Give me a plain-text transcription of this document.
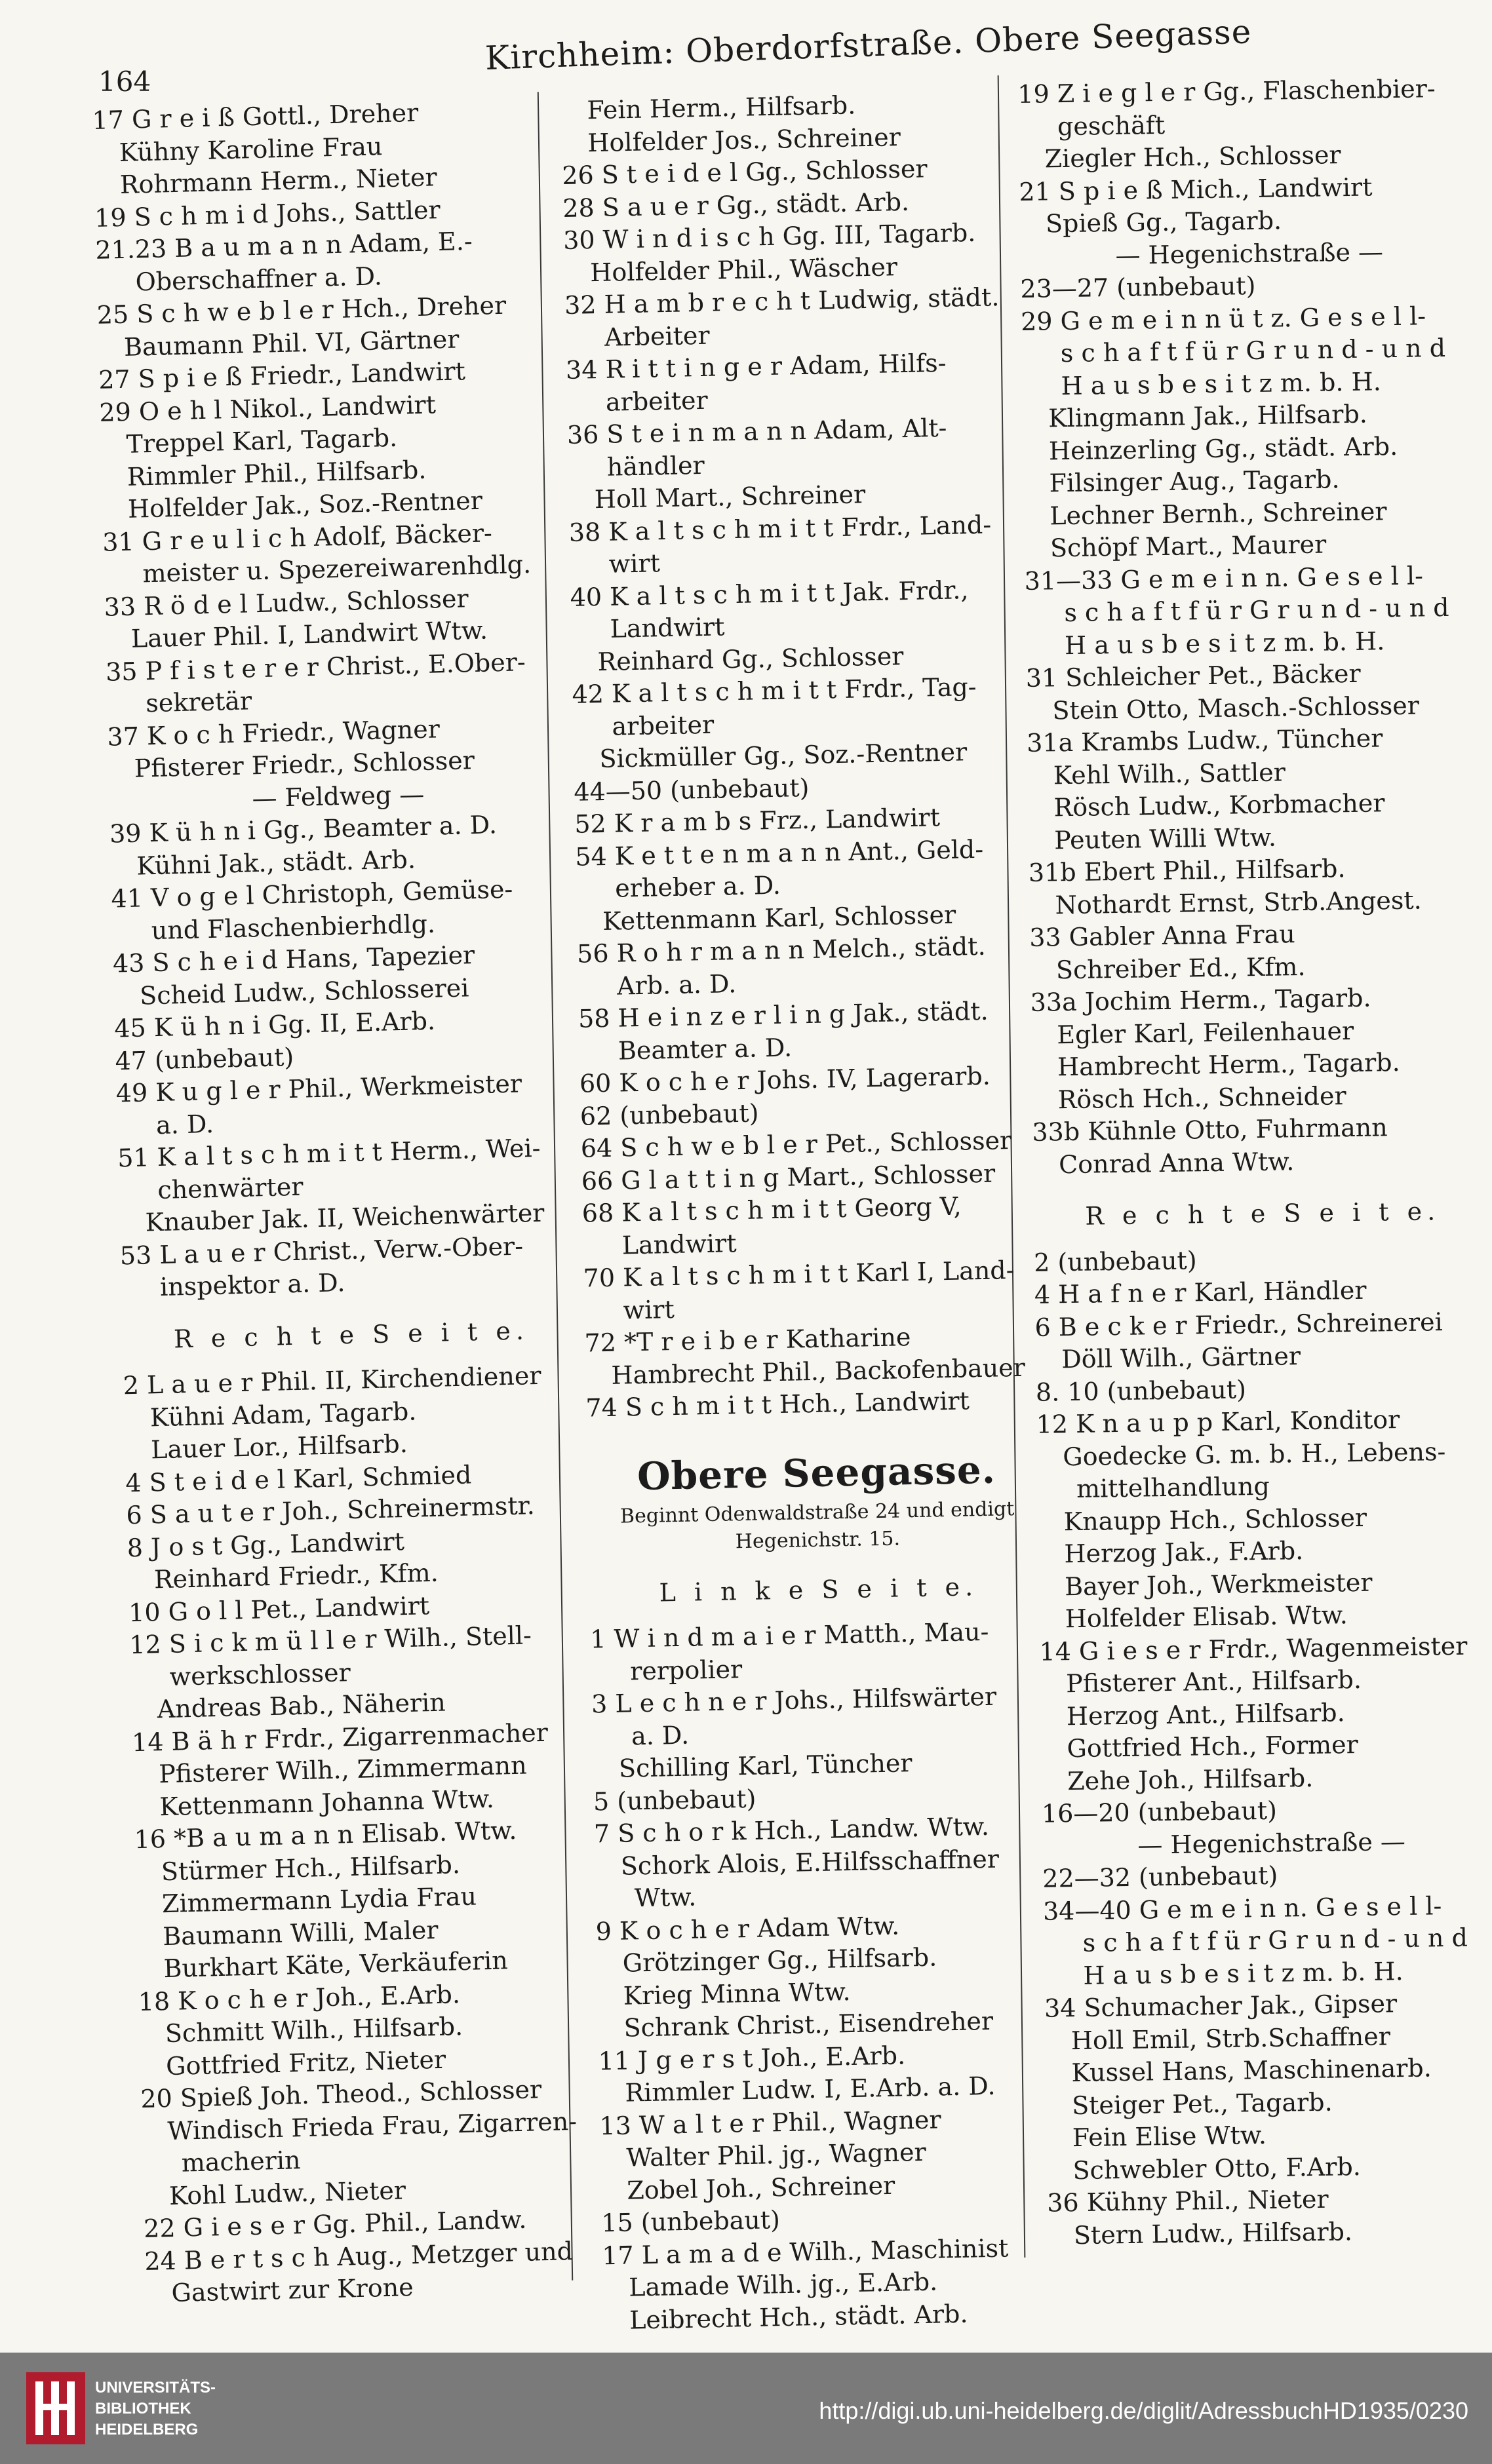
164
Kirchheim: Oberdorfstraße. Obere Seegasse
17 G r e i ß Gottl., Dreher
Kühny Karoline Frau
Rohrmann Herm., Nieter
19 S c h m i d Johs., Sattler
21.23 B a u m a n n Adam, E.-
Oberschaffner a. D.
25 S c h w e b l e r Hch., Dreher
Baumann Phil. VI, Gärtner
27 S p i e ß Friedr., Landwirt
29 O e h l Nikol., Landwirt
Treppel Karl, Tagarb.
Rimmler Phil., Hilfsarb.
Holfelder Jak., Soz.-Rentner
31 G r e u l i c h Adolf, Bäcker-
meister u. Spezereiwarenhdlg.
33 R ö d e l Ludw., Schlosser
Lauer Phil. I, Landwirt Wtw.
35 P f i s t e r e r Christ., E.Ober-
sekretär
37 K o c h Friedr., Wagner
Pfisterer Friedr., Schlosser
— Feldweg —
39 K ü h n i Gg., Beamter a. D.
Kühni Jak., städt. Arb.
41 V o g e l Christoph, Gemüse-
und Flaschenbierhdlg.
43 S c h e i d Hans, Tapezier
Scheid Ludw., Schlosserei
45 K ü h n i Gg. II, E.Arb.
47 (unbebaut)
49 K u g l e r Phil., Werkmeister
a. D.
51 K a l t s c h m i t t Herm., Wei-
chenwärter
Knauber Jak. II, Weichenwärter
53 L a u e r Christ., Verw.-Ober-
inspektor a. D.
R e c h t e S e i t e.
2 L a u e r Phil. II, Kirchendiener
Kühni Adam, Tagarb.
Lauer Lor., Hilfsarb.
4 S t e i d e l Karl, Schmied
6 S a u t e r Joh., Schreinermstr.
8 J o s t Gg., Landwirt
Reinhard Friedr., Kfm.
10 G o l l Pet., Landwirt
12 S i c k m ü l l e r Wilh., Stell-
werkschlosser
Andreas Bab., Näherin
14 B ä h r Frdr., Zigarrenmacher
Pfisterer Wilh., Zimmermann
Kettenmann Johanna Wtw.
16 *B a u m a n n Elisab. Wtw.
Stürmer Hch., Hilfsarb.
Zimmermann Lydia Frau
Baumann Willi, Maler
Burkhart Käte, Verkäuferin
18 K o c h e r Joh., E.Arb.
Schmitt Wilh., Hilfsarb.
Gottfried Fritz, Nieter
20 Spieß Joh. Theod., Schlosser
Windisch Frieda Frau, Zigarren-
macherin
Kohl Ludw., Nieter
22 G i e s e r Gg. Phil., Landw.
24 B e r t s c h Aug., Metzger und
Gastwirt zur Krone
Fein Herm., Hilfsarb.
Holfelder Jos., Schreiner
26 S t e i d e l Gg., Schlosser
28 S a u e r Gg., städt. Arb.
30 W i n d i s c h Gg. III, Tagarb.
Holfelder Phil., Wäscher
32 H a m b r e c h t Ludwig, städt.
Arbeiter
34 R i t t i n g e r Adam, Hilfs-
arbeiter
36 S t e i n m a n n Adam, Alt-
händler
Holl Mart., Schreiner
38 K a l t s c h m i t t Frdr., Land-
wirt
40 K a l t s c h m i t t Jak. Frdr.,
Landwirt
Reinhard Gg., Schlosser
42 K a l t s c h m i t t Frdr., Tag-
arbeiter
Sickmüller Gg., Soz.-Rentner
44—50 (unbebaut)
52 K r a m b s Frz., Landwirt
54 K e t t e n m a n n Ant., Geld-
erheber a. D.
Kettenmann Karl, Schlosser
56 R o h r m a n n Melch., städt.
Arb. a. D.
58 H e i n z e r l i n g Jak., städt.
Beamter a. D.
60 K o c h e r Johs. IV, Lagerarb.
62 (unbebaut)
64 S c h w e b l e r Pet., Schlosser
66 G l a t t i n g Mart., Schlosser
68 K a l t s c h m i t t Georg V,
Landwirt
70 K a l t s c h m i t t Karl I, Land-
wirt
72 *T r e i b e r Katharine
Hambrecht Phil., Backofenbauer
74 S c h m i t t Hch., Landwirt
Obere Seegasse.
Beginnt Odenwaldstraße 24 und endigt
Hegenichstr. 15.
L i n k e S e i t e.
1 W i n d m a i e r Matth., Mau-
rerpolier
3 L e c h n e r Johs., Hilfswärter
a. D.
Schilling Karl, Tüncher
5 (unbebaut)
7 S c h o r k Hch., Landw. Wtw.
Schork Alois, E.Hilfsschaffner
Wtw.
9 K o c h e r Adam Wtw.
Grötzinger Gg., Hilfsarb.
Krieg Minna Wtw.
Schrank Christ., Eisendreher
11 J g e r s t Joh., E.Arb.
Rimmler Ludw. I, E.Arb. a. D.
13 W a l t e r Phil., Wagner
Walter Phil. jg., Wagner
Zobel Joh., Schreiner
15 (unbebaut)
17 L a m a d e Wilh., Maschinist
Lamade Wilh. jg., E.Arb.
Leibrecht Hch., städt. Arb.
19 Z i e g l e r Gg., Flaschenbier-
geschäft
Ziegler Hch., Schlosser
21 S p i e ß Mich., Landwirt
Spieß Gg., Tagarb.
— Hegenichstraße —
23—27 (unbebaut)
29 G e m e i n n ü t z. G e s e l l-
s c h a f t f ü r G r u n d - u n d
H a u s b e s i t z m. b. H.
Klingmann Jak., Hilfsarb.
Heinzerling Gg., städt. Arb.
Filsinger Aug., Tagarb.
Lechner Bernh., Schreiner
Schöpf Mart., Maurer
31—33 G e m e i n n. G e s e l l-
s c h a f t f ü r G r u n d - u n d
H a u s b e s i t z m. b. H.
31 Schleicher Pet., Bäcker
Stein Otto, Masch.-Schlosser
31a Krambs Ludw., Tüncher
Kehl Wilh., Sattler
Rösch Ludw., Korbmacher
Peuten Willi Wtw.
31b Ebert Phil., Hilfsarb.
Nothardt Ernst, Strb.Angest.
33 Gabler Anna Frau
Schreiber Ed., Kfm.
33a Jochim Herm., Tagarb.
Egler Karl, Feilenhauer
Hambrecht Herm., Tagarb.
Rösch Hch., Schneider
33b Kühnle Otto, Fuhrmann
Conrad Anna Wtw.
R e c h t e S e i t e.
2 (unbebaut)
4 H a f n e r Karl, Händler
6 B e c k e r Friedr., Schreinerei
Döll Wilh., Gärtner
8. 10 (unbebaut)
12 K n a u p p Karl, Konditor
Goedecke G. m. b. H., Lebens-
mittelhandlung
Knaupp Hch., Schlosser
Herzog Jak., F.Arb.
Bayer Joh., Werkmeister
Holfelder Elisab. Wtw.
14 G i e s e r Frdr., Wagenmeister
Pfisterer Ant., Hilfsarb.
Herzog Ant., Hilfsarb.
Gottfried Hch., Former
Zehe Joh., Hilfsarb.
16—20 (unbebaut)
— Hegenichstraße —
22—32 (unbebaut)
34—40 G e m e i n n. G e s e l l-
s c h a f t f ü r G r u n d - u n d
H a u s b e s i t z m. b. H.
34 Schumacher Jak., Gipser
Holl Emil, Strb.Schaffner
Kussel Hans, Maschinenarb.
Steiger Pet., Tagarb.
Fein Elise Wtw.
Schwebler Otto, F.Arb.
36 Kühny Phil., Nieter
Stern Ludw., Hilfsarb.
UNIVERSITÄTS-
BIBLIOTHEK
HEIDELBERG
http://digi.ub.uni-heidelberg.de/diglit/AdressbuchHD1935/0230
